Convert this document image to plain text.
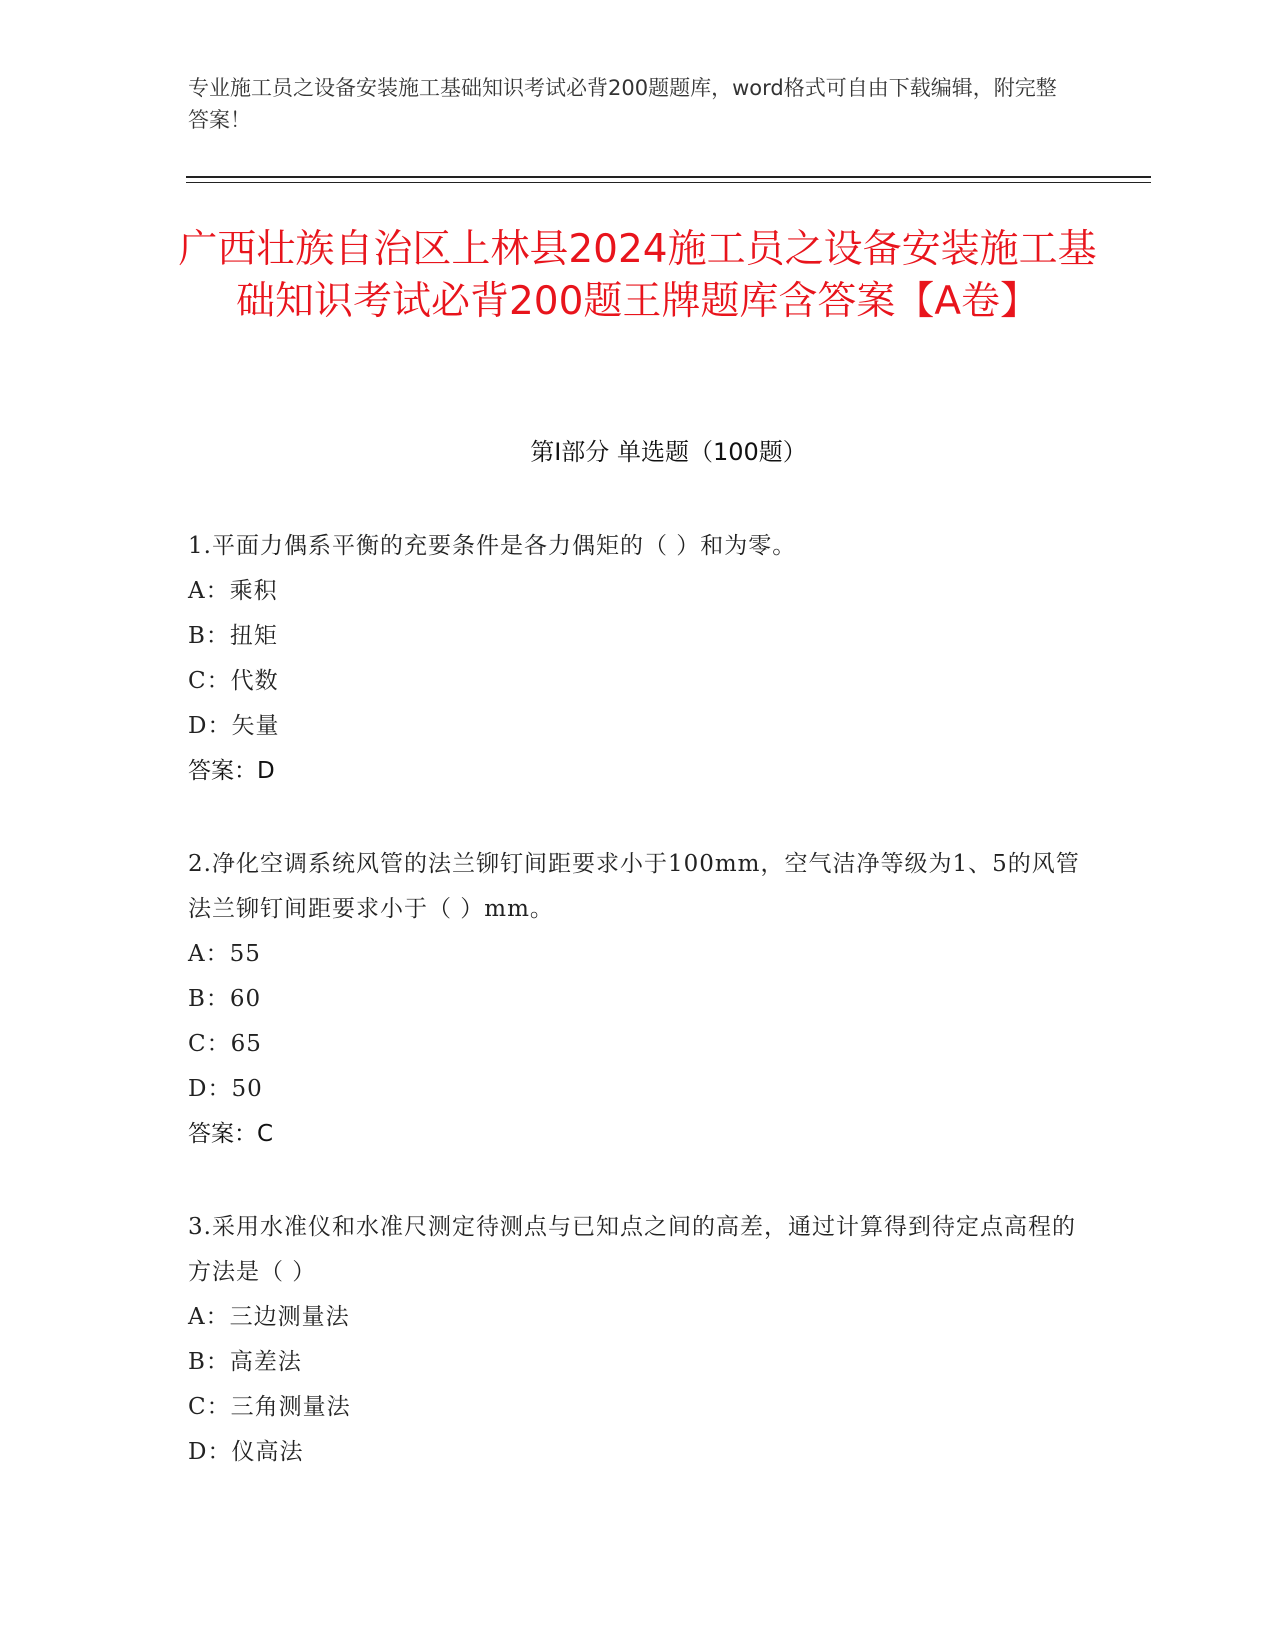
专业施工员之设备安装施工基础知识考试必背200题题库，word格式可自由下载编辑，附完整答案！
广西壮族自治区上林县2024施工员之设备安装施工基础知识考试必背200题王牌题库含答案【A卷】
第I部分 单选题（100题）
1.平面力偶系平衡的充要条件是各力偶矩的（ ）和为零。
A：乘积
B：扭矩
C：代数
D：矢量
答案：D
2.净化空调系统风管的法兰铆钉间距要求小于100mm，空气洁净等级为1、5的风管法兰铆钉间距要求小于（ ）mm。
A：55
B：60
C：65
D：50
答案：C
3.采用水准仪和水准尺测定待测点与已知点之间的高差，通过计算得到待定点高程的方法是（ ）
A：三边测量法
B：高差法
C：三角测量法
D：仪高法
